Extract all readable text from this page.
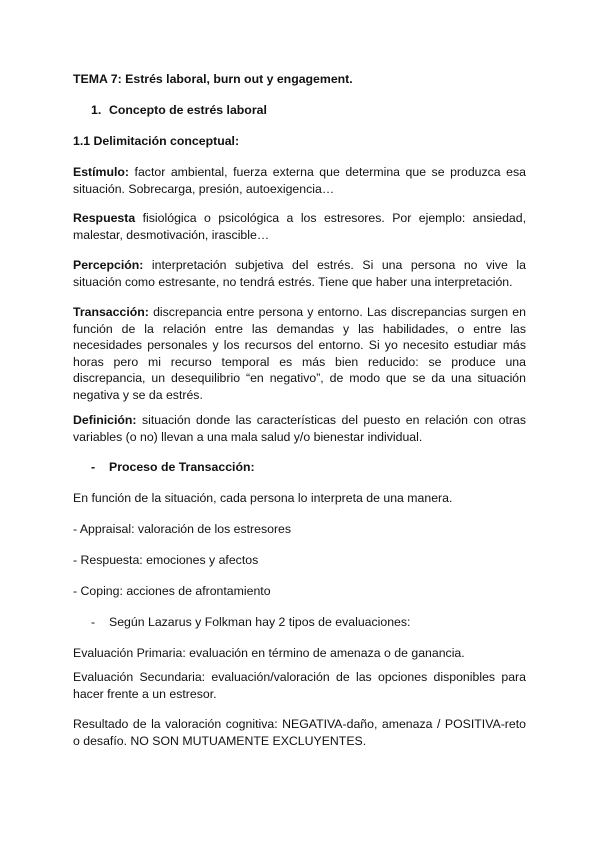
TEMA 7: Estrés laboral, burn out y engagement.

1. Concepto de estrés laboral

1.1 Delimitación conceptual:

Estímulo: factor ambiental, fuerza externa que determina que se produzca esa situación. Sobrecarga, presión, autoexigencia…

Respuesta fisiológica o psicológica a los estresores. Por ejemplo: ansiedad, malestar, desmotivación, irascible…

Percepción: interpretación subjetiva del estrés. Si una persona no vive la situación como estresante, no tendrá estrés. Tiene que haber una interpretación.

Transacción: discrepancia entre persona y entorno. Las discrepancias surgen en función de la relación entre las demandas y las habilidades, o entre las necesidades personales y los recursos del entorno. Si yo necesito estudiar más horas pero mi recurso temporal es más bien reducido: se produce una discrepancia, un desequilibrio “en negativo”, de modo que se da una situación negativa y se da estrés.

Definición: situación donde las características del puesto en relación con otras variables (o no) llevan a una mala salud y/o bienestar individual.

- Proceso de Transacción:

En función de la situación, cada persona lo interpreta de una manera.

- Appraisal: valoración de los estresores

- Respuesta: emociones y afectos

- Coping: acciones de afrontamiento

- Según Lazarus y Folkman hay 2 tipos de evaluaciones:

Evaluación Primaria: evaluación en término de amenaza o de ganancia.

Evaluación Secundaria: evaluación/valoración de las opciones disponibles para hacer frente a un estresor.

Resultado de la valoración cognitiva: NEGATIVA-daño, amenaza / POSITIVA-reto o desafío. NO SON MUTUAMENTE EXCLUYENTES.
